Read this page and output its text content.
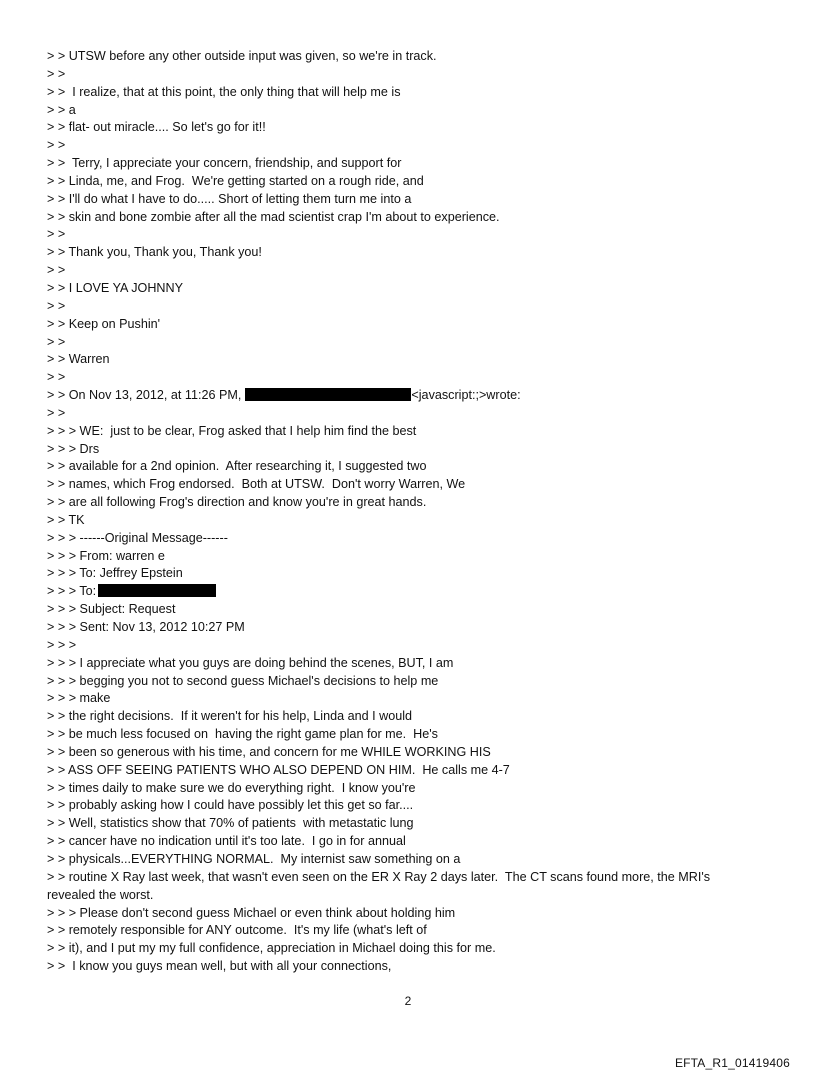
> > UTSW before any other outside input was given, so we're in track.
> >
> >  I realize, that at this point, the only thing that will help me is
> > a
> > flat- out miracle.... So let's go for it!!
> >
> >  Terry, I appreciate your concern, friendship, and support for
> > Linda, me, and Frog.  We're getting started on a rough ride, and
> > I'll do what I have to do..... Short of letting them turn me into a
> > skin and bone zombie after all the mad scientist crap I'm about to experience.
> >
> > Thank you, Thank you, Thank you!
> >
> > I LOVE YA JOHNNY
> >
> > Keep on Pushin'
> >
> > Warren
> >
> > On Nov 13, 2012, at 11:26 PM,	<javascript:;>wrote:
> >
> > > WE:  just to be clear, Frog asked that I help him find the best
> > > Drs
> > available for a 2nd opinion.  After researching it, I suggested two
> > names, which Frog endorsed.  Both at UTSW.  Don't worry Warren, We
> > are all following Frog's direction and know you're in great hands.
> > TK
> > > ------Original Message------
> > > From: warren e
> > > To: Jeffrey Epstein
> > > To:
> > > Subject: Request
> > > Sent: Nov 13, 2012 10:27 PM
> > >
> > > I appreciate what you guys are doing behind the scenes, BUT, I am
> > > begging you not to second guess Michael's decisions to help me
> > > make
> > the right decisions.  If it weren't for his help, Linda and I would
> > be much less focused on  having the right game plan for me.  He's
> > been so generous with his time, and concern for me WHILE WORKING HIS
> > ASS OFF SEEING PATIENTS WHO ALSO DEPEND ON HIM.  He calls me 4-7
> > times daily to make sure we do everything right.  I know you're
> > probably asking how I could have possibly let this get so far....
> > Well, statistics show that 70% of patients  with metastatic lung
> > cancer have no indication until it's too late.  I go in for annual
> > physicals...EVERYTHING NORMAL.  My internist saw something on a
> > routine X Ray last week, that wasn't even seen on the ER X Ray 2 days later.  The CT scans found more, the MRI's
revealed the worst.
> > > Please don't second guess Michael or even think about holding him
> > remotely responsible for ANY outcome.  It's my life (what's left of
> > it), and I put my my full confidence, appreciation in Michael doing this for me.
> >  I know you guys mean well, but with all your connections,
2
EFTA_R1_01419406
